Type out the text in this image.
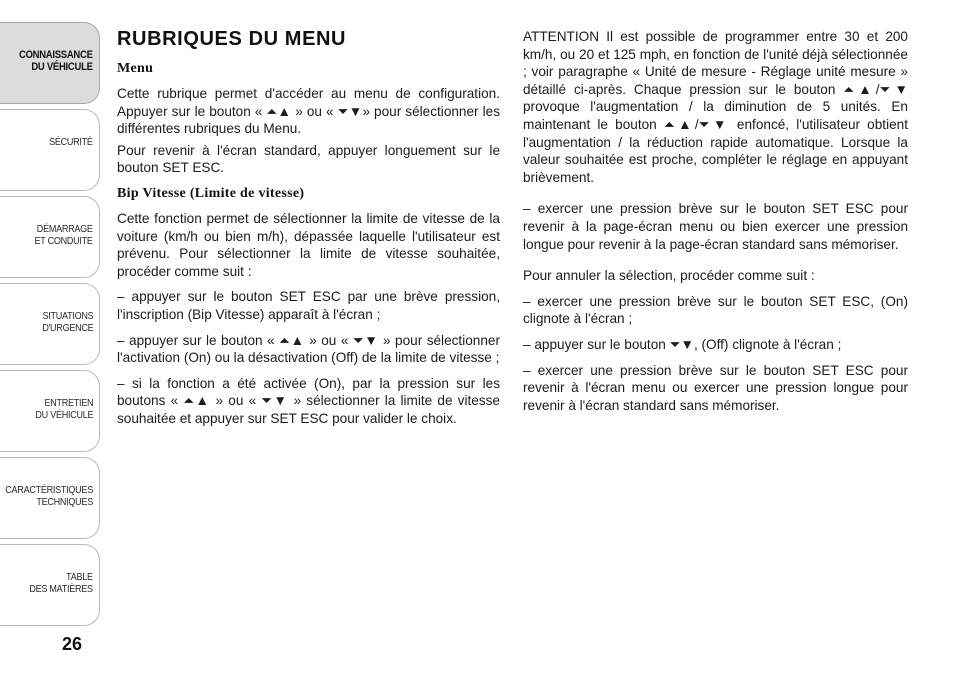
CONNAISSANCE
DU VÉHICULE
SÉCURITÉ
DÉMARRAGE
ET CONDUITE
SITUATIONS
D'URGENCE
ENTRETIEN
DU VÉHICULE
CARACTÉRISTIQUES
TECHNIQUES
TABLE
DES MATIÈRES
26
RUBRIQUES DU MENU
Menu

Cette rubrique permet d'accéder au menu de configuration. Appuyer sur le bouton « ⏶▲ » ou « ⏷▼» pour sélectionner les différentes rubriques du Menu.

Pour revenir à l'écran standard, appuyer longuement sur le bouton SET ESC.

Bip Vitesse (Limite de vitesse)

Cette fonction permet de sélectionner la limite de vitesse de la voiture (km/h ou bien m/h), dépassée laquelle l'utilisateur est prévenu. Pour sélectionner la limite de vitesse souhaitée, procéder comme suit :

– appuyer sur le bouton SET ESC par une brève pression, l'inscription (Bip Vitesse) apparaît à l'écran ;

– appuyer sur le bouton « ⏶▲ » ou « ⏷▼ » pour sélectionner l'activation (On) ou la désactivation (Off) de la limite de vitesse ;

– si la fonction a été activée (On), par la pression sur les boutons « ⏶▲ » ou « ⏷▼ » sélectionner la limite de vitesse souhaitée et appuyer sur SET ESC pour valider le choix.

ATTENTION Il est possible de programmer entre 30 et 200 km/h, ou 20 et 125 mph, en fonction de l'unité déjà sélectionnée ; voir paragraphe « Unité de mesure - Réglage unité mesure » détaillé ci-après. Chaque pression sur le bouton ⏶▲/⏷▼ provoque l'augmentation / la diminution de 5 unités. En maintenant le bouton ⏶▲/⏷▼ enfoncé, l'utilisateur obtient l'augmentation / la réduction rapide automatique. Lorsque la valeur souhaitée est proche, compléter le réglage en appuyant brièvement.

– exercer une pression brève sur le bouton SET ESC pour revenir à la page-écran menu ou bien exercer une pression longue pour revenir à la page-écran standard sans mémoriser.

Pour annuler la sélection, procéder comme suit :

– exercer une pression brève sur le bouton SET ESC, (On) clignote à l'écran ;

– appuyer sur le bouton ⏷▼, (Off) clignote à l'écran ;

– exercer une pression brève sur le bouton SET ESC pour revenir à l'écran menu ou exercer une pression longue pour revenir à l'écran standard sans mémoriser.
